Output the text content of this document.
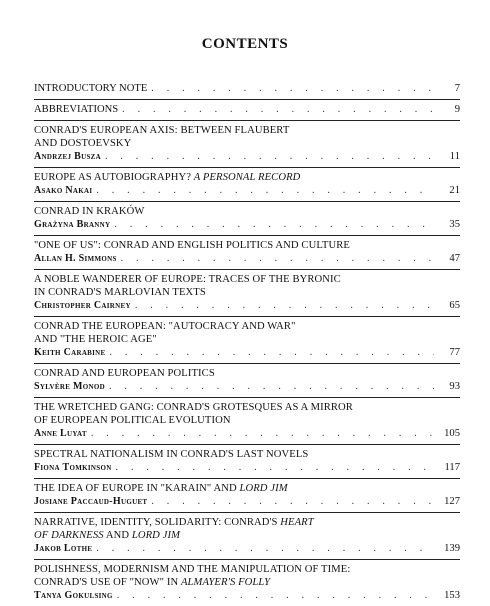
CONTENTS
INTRODUCTORY NOTE . . .	7
ABBREVIATIONS . . .	9
CONRAD'S EUROPEAN AXIS: BETWEEN FLAUBERT
AND DOSTOEVSKY
Andrzej Busza . . .	11
EUROPE AS AUTOBIOGRAPHY? A PERSONAL RECORD
Asako Nakai . . .	21
CONRAD IN KRAKÓW
Grażyna Branny . . .	35
"ONE OF US": CONRAD AND ENGLISH POLITICS AND CULTURE
Allan H. Simmons . . .	47
A NOBLE WANDERER OF EUROPE: TRACES OF THE BYRONIC
IN CONRAD'S MARLOVIAN TEXTS
Christopher Cairney . . .	65
CONRAD THE EUROPEAN: "AUTOCRACY AND WAR"
AND "THE HEROIC AGE"
Keith Carabine . . .	77
CONRAD AND EUROPEAN POLITICS
Sylvère Monod . . .	93
THE WRETCHED GANG: CONRAD'S GROTESQUES AS A MIRROR
OF EUROPEAN POLITICAL EVOLUTION
Anne Luyat . . .	105
SPECTRAL NATIONALISM IN CONRAD'S LAST NOVELS
Fiona Tomkinson . . .	117
THE IDEA OF EUROPE IN "KARAIN" AND LORD JIM
Josiane Paccaud-Huguet . . .	127
NARRATIVE, IDENTITY, SOLIDARITY: CONRAD'S HEART
OF DARKNESS AND LORD JIM
Jakob Lothe . . .	139
POLISHNESS, MODERNISM AND THE MANIPULATION OF TIME:
CONRAD'S USE OF "NOW" IN ALMAYER'S FOLLY
Tanya Gokulsing . . .	153
